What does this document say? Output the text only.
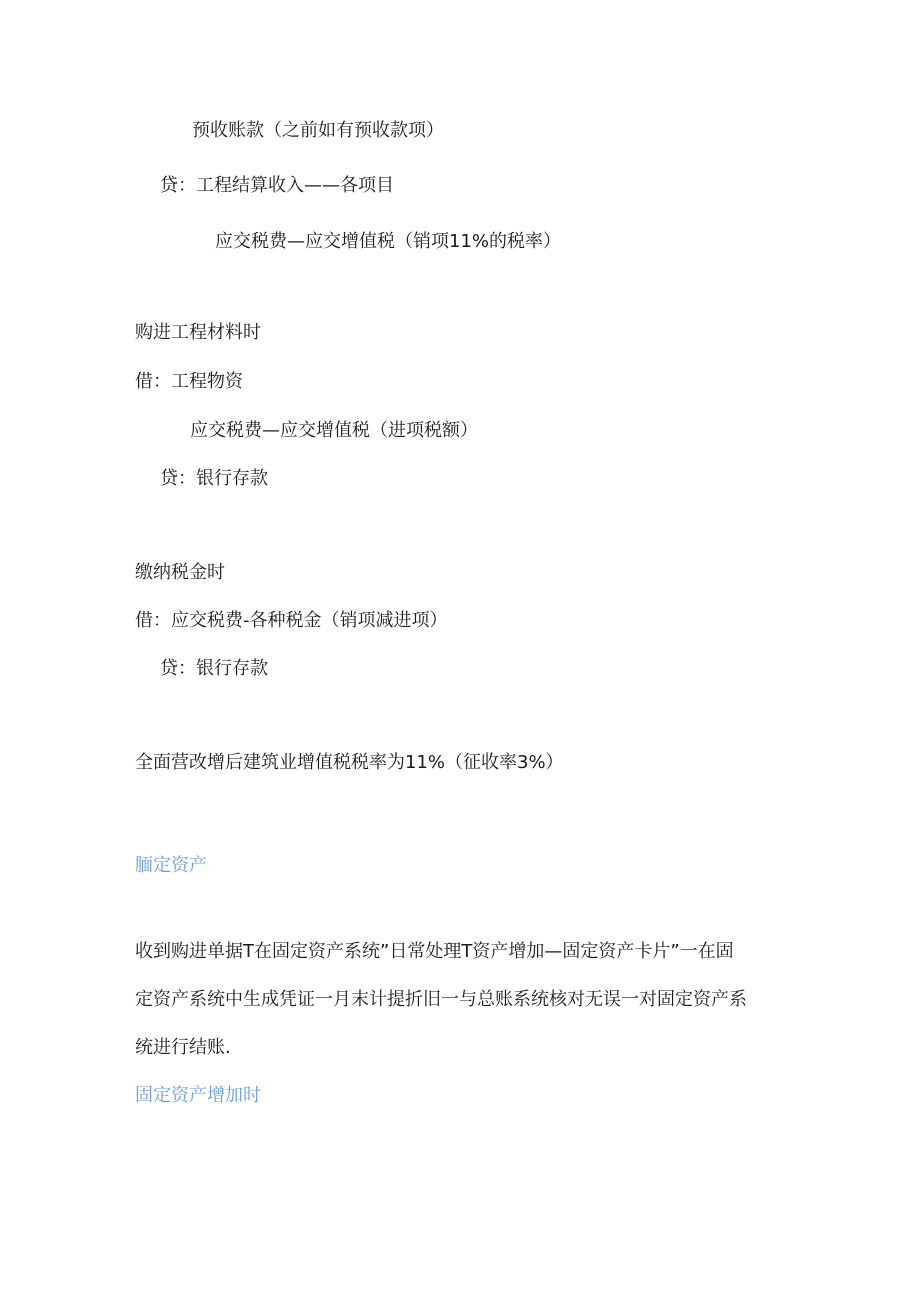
预收账款（之前如有预收款项）
贷：工程结算收入——各项目
应交税费—应交增值税（销项11%的税率）
购进工程材料时
借：工程物资
应交税费—应交增值税（进项税额）
贷：银行存款
缴纳税金时
借：应交税费-各种税金（销项减进项）
贷：银行存款
全面营改增后建筑业增值税税率为11%（征收率3%）
腼定资产
收到购进单据T在固定资产系统”日常处理T资产增加—固定资产卡片”一在固
定资产系统中生成凭证一月末计提折旧一与总账系统核对无误一对固定资产系
统进行结账.
固定资产增加时
